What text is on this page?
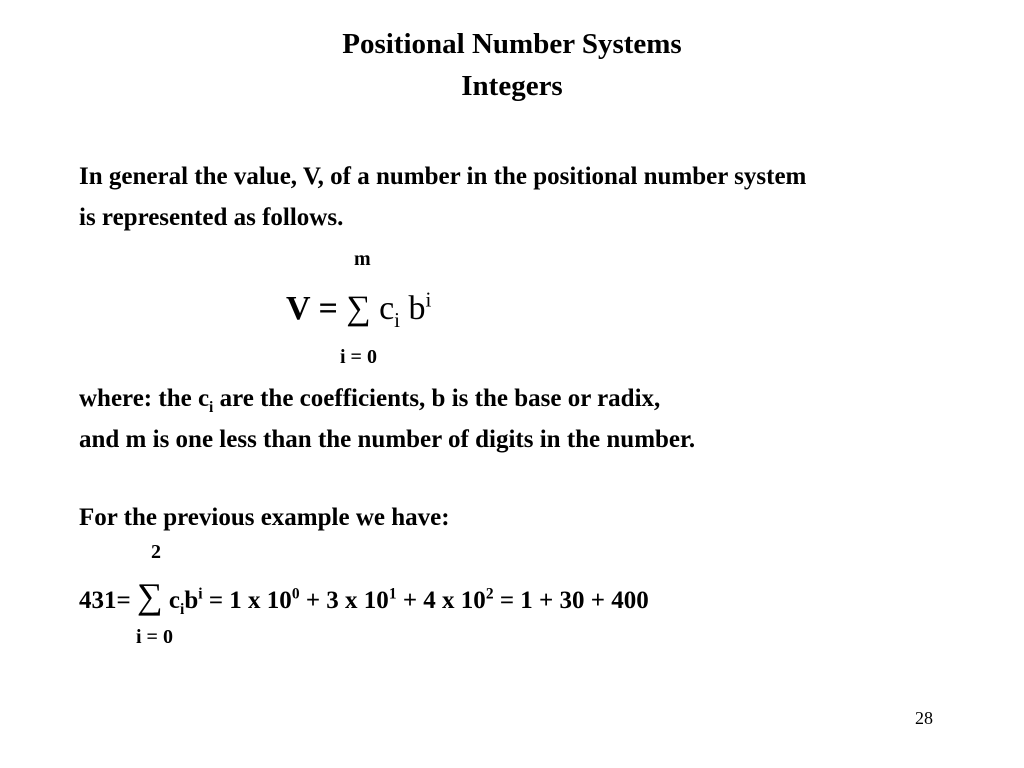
Positional Number Systems
Integers
In general the value, V, of a number in the positional number system
is represented as follows.
m
V = ∑ $c_i$ $b^i$
i = 0
where: the $c_i$ are the coefficients, b is the base or radix,
and m is one less than the number of digits in the number.
For the previous example we have:
2
431= ∑ $c_ib^i = 1$ x $10^0 + 3$ x $10^1 + 4$ x $10^2 = 1 + 30 + 400$
i = 0
28
